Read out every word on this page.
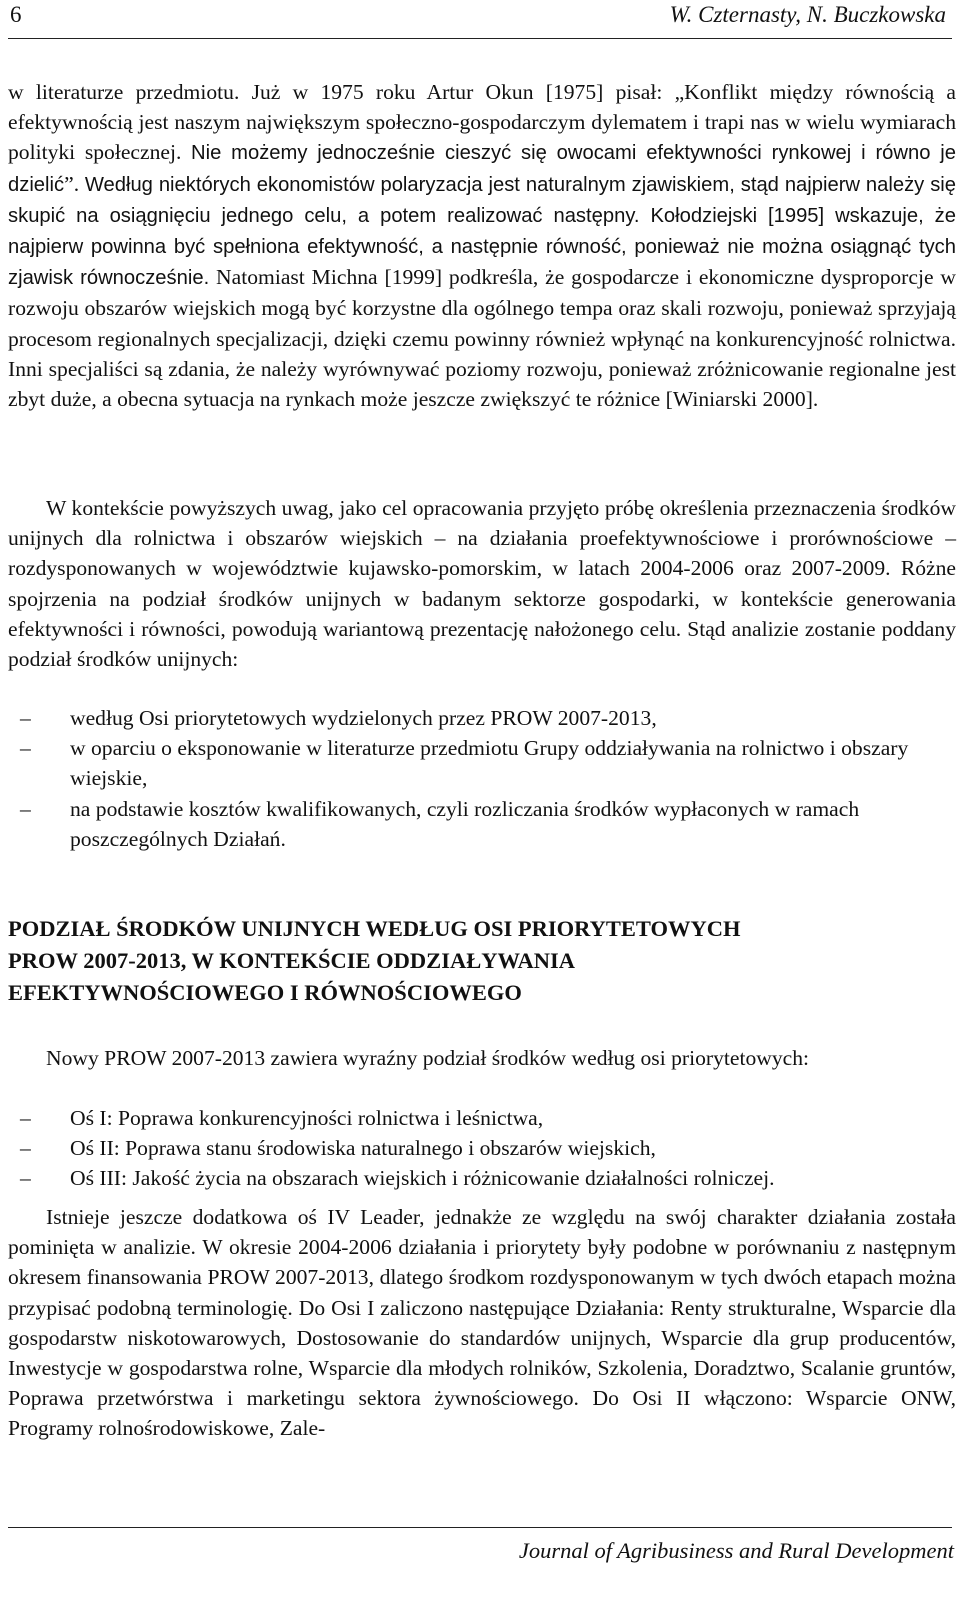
6	W. Czternasty, N. Buczkowska

w literaturze przedmiotu. Już w 1975 roku Artur Okun [1975] pisał: „Konflikt między równością a efektywnością jest naszym największym społeczno-gospodarczym dylematem i trapi nas w wielu wymiarach polityki społecznej. Nie możemy jednocześnie cieszyć się owocami efektywności rynkowej i równo je dzielić”. Według niektórych ekonomistów polaryzacja jest naturalnym zjawiskiem, stąd najpierw należy się skupić na osiągnięciu jednego celu, a potem realizować następny. Kołodziejski [1995] wskazuje, że najpierw powinna być spełniona efektywność, a następnie równość, ponieważ nie można osiągnąć tych zjawisk równocześnie. Natomiast Michna [1999] podkreśla, że gospodarcze i ekonomiczne dysproporcje w rozwoju obszarów wiejskich mogą być korzystne dla ogólnego tempa oraz skali rozwoju, ponieważ sprzyjają procesom regionalnych specjalizacji, dzięki czemu powinny również wpłynąć na konkurencyjność rolnictwa. Inni specjaliści są zdania, że należy wyrównywać poziomy rozwoju, ponieważ zróżnicowanie regionalne jest zbyt duże, a obecna sytuacja na rynkach może jeszcze zwiększyć te różnice [Winiarski 2000].

W kontekście powyższych uwag, jako cel opracowania przyjęto próbę określenia przeznaczenia środków unijnych dla rolnictwa i obszarów wiejskich – na działania proefektywnościowe i prorównościowe – rozdysponowanych w województwie kujawsko-pomorskim, w latach 2004-2006 oraz 2007-2009. Różne spojrzenia na podział środków unijnych w badanym sektorze gospodarki, w kontekście generowania efektywności i równości, powodują wariantową prezentację nałożonego celu. Stąd analizie zostanie poddany podział środków unijnych:

– według Osi priorytetowych wydzielonych przez PROW 2007-2013,
– w oparciu o eksponowanie w literaturze przedmiotu Grupy oddziaływania na rolnictwo i obszary wiejskie,
– na podstawie kosztów kwalifikowanych, czyli rozliczania środków wypłaconych w ramach poszczególnych Działań.
PODZIAŁ ŚRODKÓW UNIJNYCH WEDŁUG OSI PRIORYTETOWYCH
PROW 2007-2013, W KONTEKŚCIE ODDZIAŁYWANIA
EFEKTYWNOŚCIOWEGO I RÓWNOŚCIOWEGO

Nowy PROW 2007-2013 zawiera wyraźny podział środków według osi priorytetowych:

– Oś I: Poprawa konkurencyjności rolnictwa i leśnictwa,
– Oś II: Poprawa stanu środowiska naturalnego i obszarów wiejskich,
– Oś III: Jakość życia na obszarach wiejskich i różnicowanie działalności rolniczej.

Istnieje jeszcze dodatkowa oś IV Leader, jednakże ze względu na swój charakter działania została pominięta w analizie. W okresie 2004-2006 działania i priorytety były podobne w porównaniu z następnym okresem finansowania PROW 2007-2013, dlatego środkom rozdysponowanym w tych dwóch etapach można przypisać podobną terminologię. Do Osi I zaliczono następujące Działania: Renty strukturalne, Wsparcie dla gospodarstw niskotowarowych, Dostosowanie do standardów unijnych, Wsparcie dla grup producentów, Inwestycje w gospodarstwa rolne, Wsparcie dla młodych rolników, Szkolenia, Doradztwo, Scalanie gruntów, Poprawa przetwórstwa i marketingu sektora żywnościowego. Do Osi II włączono: Wsparcie ONW, Programy rolnośrodowiskowe, Zale-

Journal of Agribusiness and Rural Development
